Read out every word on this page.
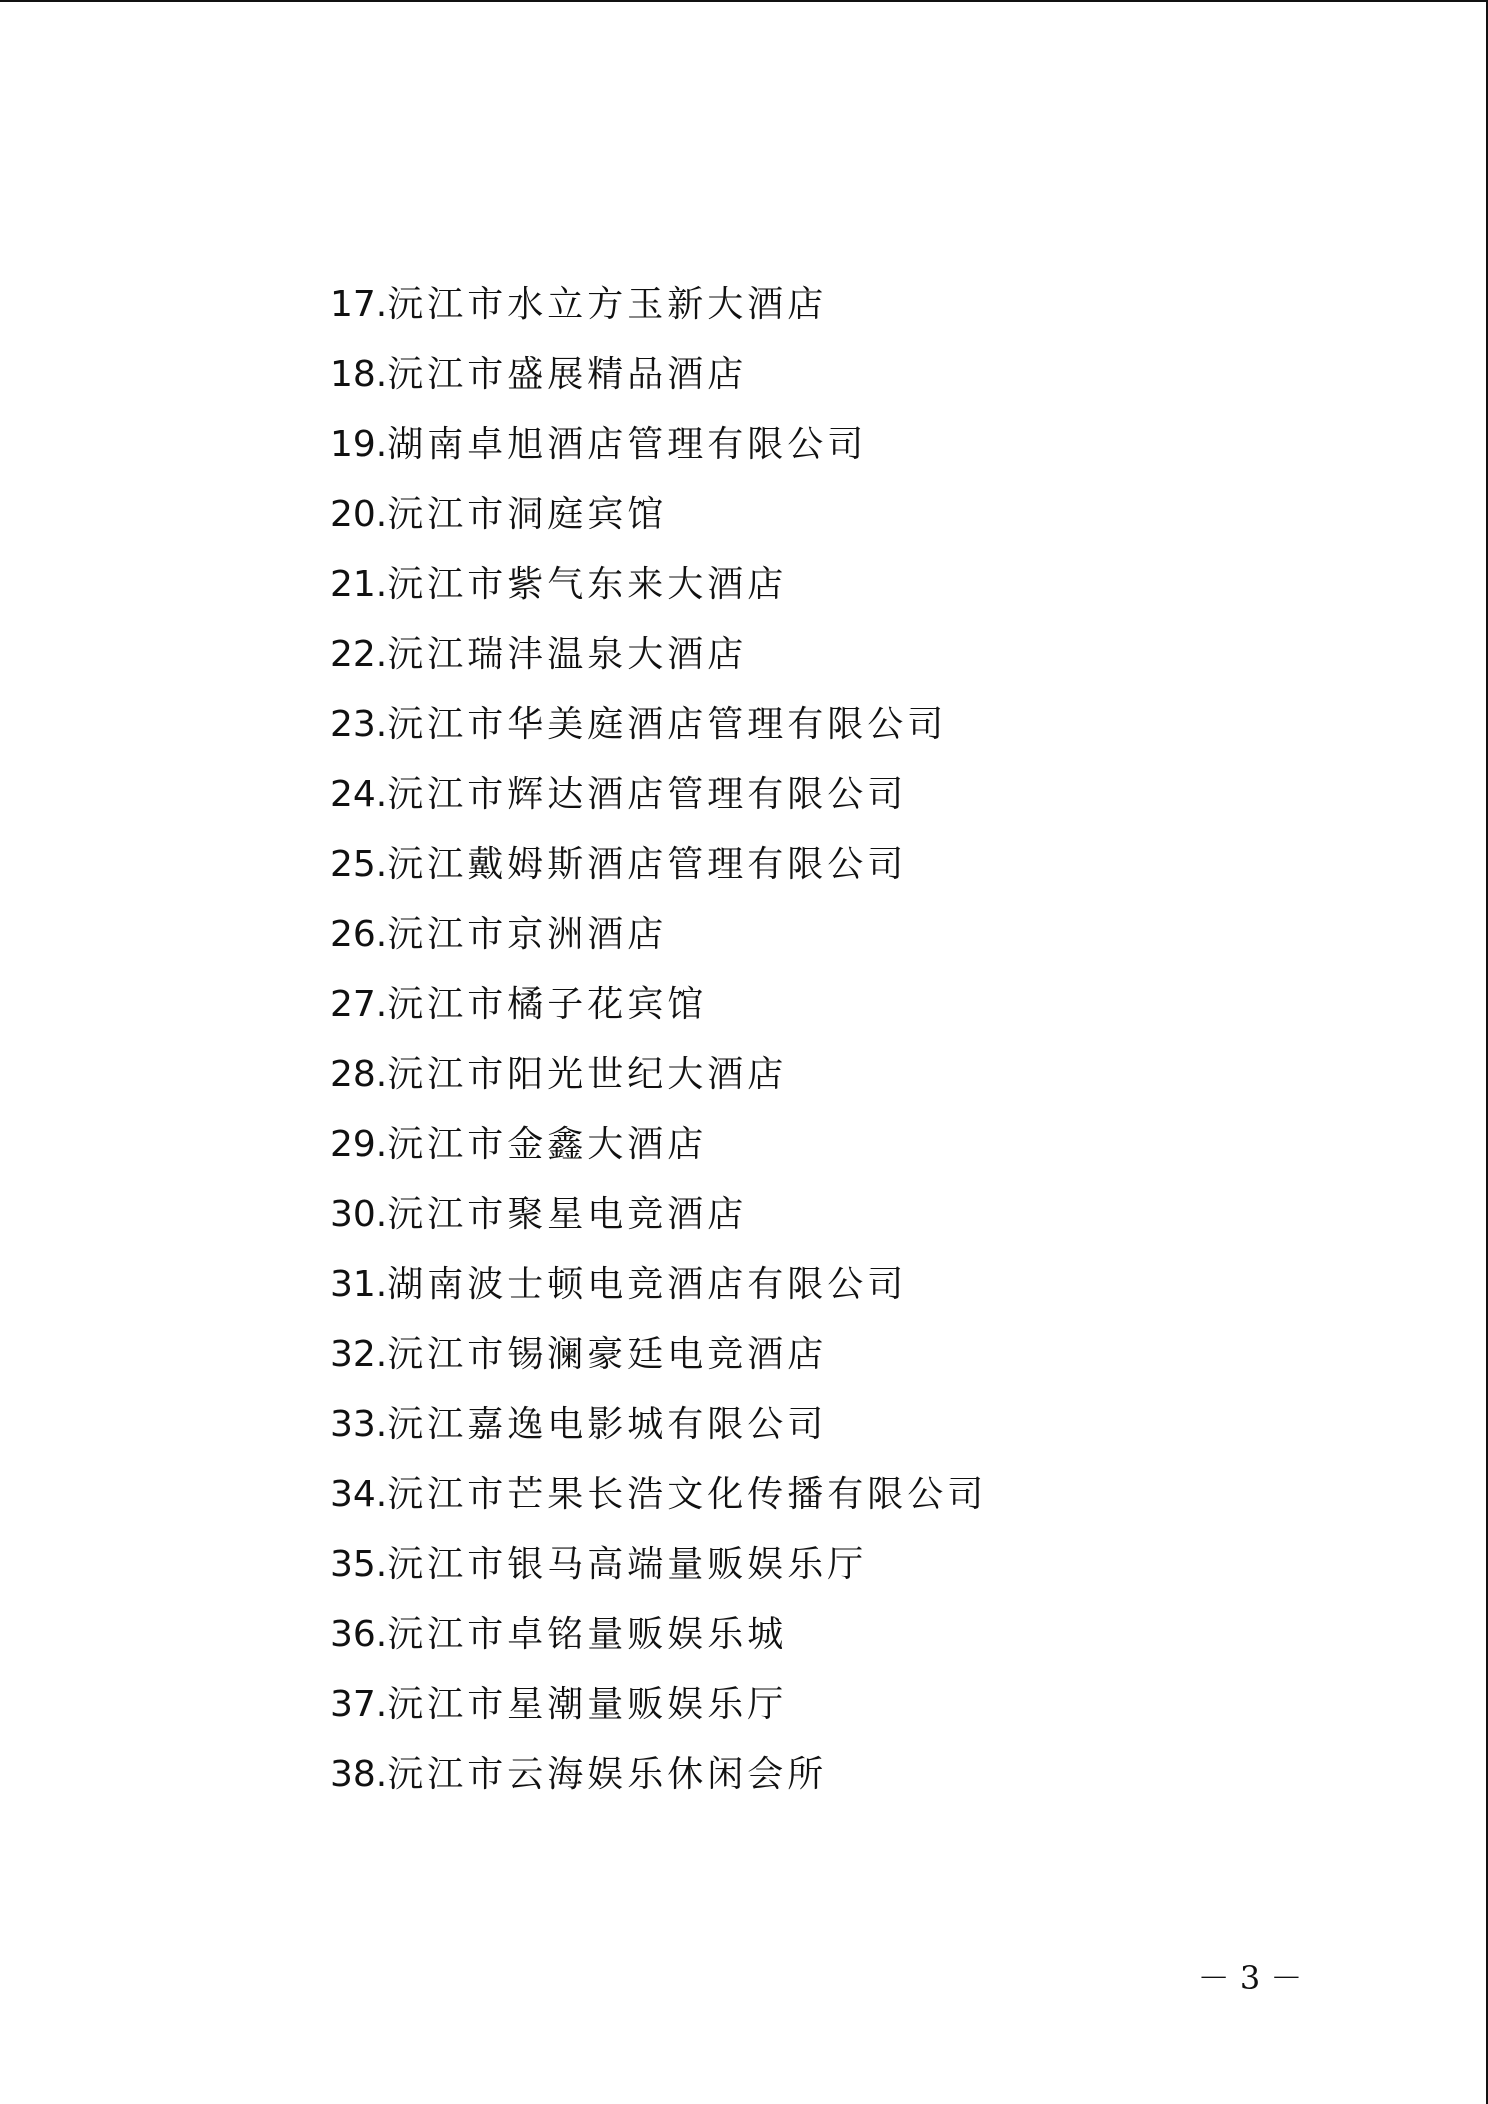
17.沅江市水立方玉新大酒店
18.沅江市盛展精品酒店
19.湖南卓旭酒店管理有限公司
20.沅江市洞庭宾馆
21.沅江市紫气东来大酒店
22.沅江瑞沣温泉大酒店
23.沅江市华美庭酒店管理有限公司
24.沅江市辉达酒店管理有限公司
25.沅江戴姆斯酒店管理有限公司
26.沅江市京洲酒店
27.沅江市橘子花宾馆
28.沅江市阳光世纪大酒店
29.沅江市金鑫大酒店
30.沅江市聚星电竞酒店
31.湖南波士顿电竞酒店有限公司
32.沅江市锡澜豪廷电竞酒店
33.沅江嘉逸电影城有限公司
34.沅江市芒果长浩文化传播有限公司
35.沅江市银马高端量贩娱乐厅
36.沅江市卓铭量贩娱乐城
37.沅江市星潮量贩娱乐厅
38.沅江市云海娱乐休闲会所
－ 3 －
